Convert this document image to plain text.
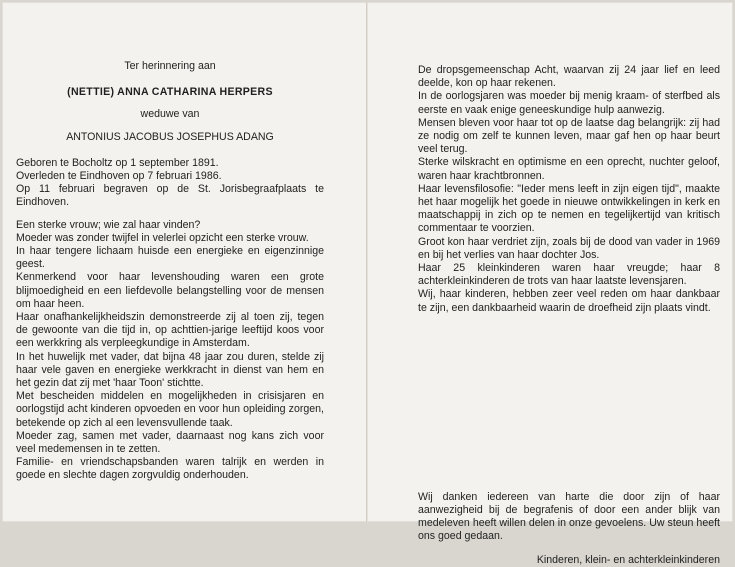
Ter herinnering aan

(NETTIE) ANNA CATHARINA HERPERS

weduwe van

ANTONIUS JACOBUS JOSEPHUS ADANG

Geboren te Bocholtz op 1 september 1891.

Overleden te Eindhoven op 7 februari 1986.

Op 11 februari begraven op de St. Jorisbegraafplaats te Eindhoven.

Een sterke vrouw; wie zal haar vinden?

Moeder was zonder twijfel in velerlei opzicht een sterke vrouw.

In haar tengere lichaam huisde een energieke en eigenzinnige geest.

Kenmerkend voor haar levenshouding waren een grote blijmoedigheid en een liefdevolle belangstelling voor de mensen om haar heen.

Haar onafhankelijkheidszin demonstreerde zij al toen zij, tegen de gewoonte van die tijd in, op achttien-jarige leeftijd koos voor een werkkring als verpleegkundige in Amsterdam.

In het huwelijk met vader, dat bijna 48 jaar zou duren, stelde zij haar vele gaven en energieke werkkracht in dienst van hem en het gezin dat zij met 'haar Toon' stichtte.

Met bescheiden middelen en mogelijkheden in crisisjaren en oorlogstijd acht kinderen opvoeden en voor hun opleiding zorgen, betekende op zich al een levensvullende taak.

Moeder zag, samen met vader, daarnaast nog kans zich voor veel medemensen in te zetten.

Familie- en vriendschapsbanden waren talrijk en werden in goede en slechte dagen zorgvuldig onderhouden.

De dropsgemeenschap Acht, waarvan zij 24 jaar lief en leed deelde, kon op haar rekenen.

In de oorlogsjaren was moeder bij menig kraam- of sterfbed als eerste en vaak enige geneeskundige hulp aanwezig.

Mensen bleven voor haar tot op de laatse dag belangrijk: zij had ze nodig om zelf te kunnen leven, maar gaf hen op haar beurt veel terug.

Sterke wilskracht en optimisme en een oprecht, nuchter geloof, waren haar krachtbronnen.

Haar levensfilosofie: "Ieder mens leeft in zijn eigen tijd", maakte het haar mogelijk het goede in nieuwe ontwikkelingen in kerk en maatschappij in zich op te nemen en tegelijkertijd van kritisch commentaar te voorzien.

Groot kon haar verdriet zijn, zoals bij de dood van vader in 1969 en bij het verlies van haar dochter Jos.

Haar 25 kleinkinderen waren haar vreugde; haar 8 achterkleinkinderen de trots van haar laatste levensjaren.

Wij, haar kinderen, hebben zeer veel reden om haar dankbaar te zijn, een dankbaarheid waarin de droefheid zijn plaats vindt.

Wij danken iedereen van harte die door zijn of haar aanwezigheid bij de begrafenis of door een ander blijk van medeleven heeft willen delen in onze gevoelens. Uw steun heeft ons goed gedaan.

Kinderen, klein- en achterkleinkinderen
